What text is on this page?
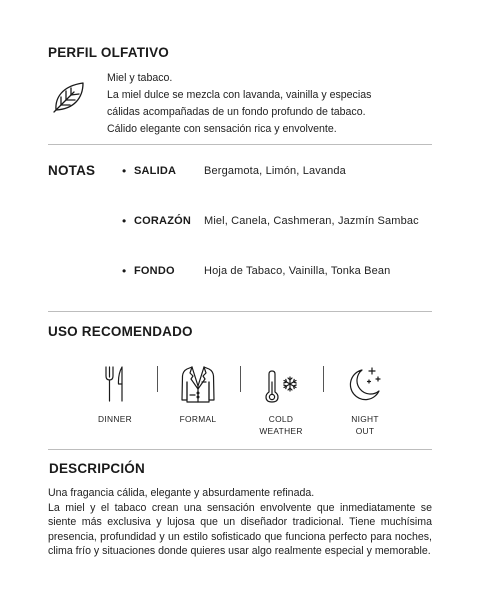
PERFIL OLFATIVO
Miel y tabaco.
La miel dulce se mezcla con lavanda, vainilla y especias
cálidas acompañadas de un fondo profundo de tabaco.
Cálido elegante con sensación rica y envolvente.
NOTAS • SALIDA	Bergamota, Limón, Lavanda
• CORAZÓN Miel, Canela, Cashmeran, Jazmín Sambac
• FONDO	Hoja de Tabaco, Vainilla, Tonka Bean
USO RECOMENDADO
DINNER	FORMAL	COLD
WEATHER
NIGHT
OUT
DESCRIPCIÓN

Una fragancia cálida, elegante y absurdamente refinada.

La miel y el tabaco crean una sensación envolvente que inmediatamente se siente más exclusiva y lujosa que un diseñador tradicional. Tiene muchísima presencia, profundidad y un estilo sofisticado que funciona perfecto para noches, clima frío y situaciones donde quieres usar algo realmente especial y memorable.
